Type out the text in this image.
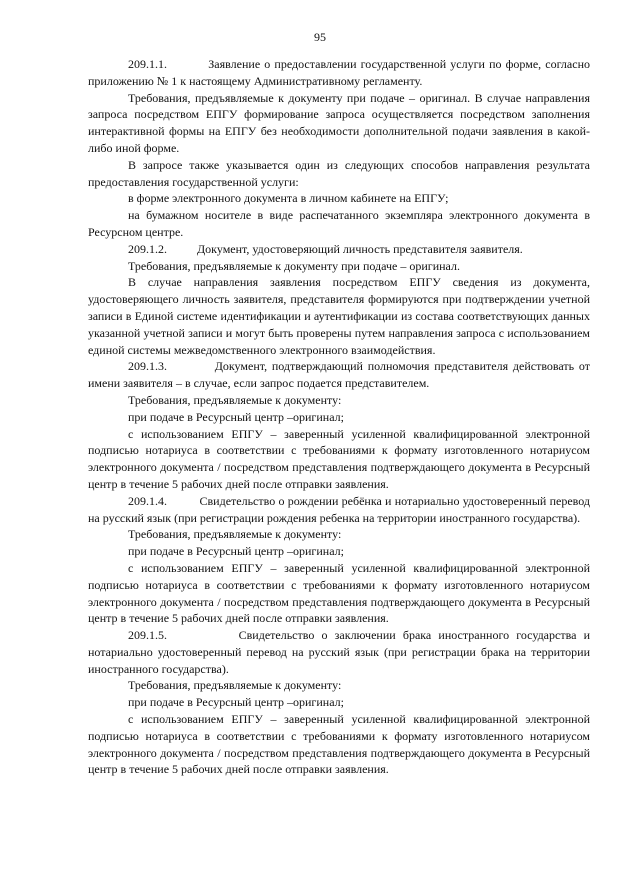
95

209.1.1.          Заявление о предоставлении государственной услуги по форме, согласно приложению № 1 к настоящему Административному регламенту.

Требования, предъявляемые к документу при подаче – оригинал. В случае направления запроса посредством ЕПГУ формирование запроса осуществляется посредством заполнения интерактивной формы на ЕПГУ без необходимости дополнительной подачи заявления в какой-либо иной форме.

В запросе также указывается один из следующих способов направления результата предоставления государственной услуги:

в форме электронного документа в личном кабинете на ЕПГУ;

на бумажном носителе в виде распечатанного экземпляра электронного документа в Ресурсном центре.

209.1.2.          Документ, удостоверяющий личность представителя заявителя.

Требования, предъявляемые к документу при подаче – оригинал.

В случае направления заявления посредством ЕПГУ сведения из документа, удостоверяющего личность заявителя, представителя формируются при подтверждении учетной записи в Единой системе идентификации и аутентификации из состава соответствующих данных указанной учетной записи и могут быть проверены путем направления запроса с использованием единой системы межведомственного электронного взаимодействия.

209.1.3.          Документ, подтверждающий полномочия представителя действовать от имени заявителя – в случае, если запрос подается представителем.

Требования, предъявляемые к документу:

при подаче в Ресурсный центр –оригинал;

с использованием ЕПГУ – заверенный усиленной квалифицированной электронной подписью нотариуса в соответствии с требованиями к формату изготовленного нотариусом электронного документа / посредством представления подтверждающего документа в Ресурсный центр в течение 5 рабочих дней после отправки заявления.

209.1.4.          Свидетельство о рождении ребёнка и нотариально удостоверенный перевод на русский язык (при регистрации рождения ребенка на территории иностранного государства).

Требования, предъявляемые к документу:

при подаче в Ресурсный центр –оригинал;

с использованием ЕПГУ – заверенный усиленной квалифицированной электронной подписью нотариуса в соответствии с требованиями к формату изготовленного нотариусом электронного документа / посредством представления подтверждающего документа в Ресурсный центр в течение 5 рабочих дней после отправки заявления.

209.1.5.          Свидетельство о заключении брака иностранного государства и нотариально удостоверенный перевод на русский язык (при регистрации брака на территории иностранного государства).

Требования, предъявляемые к документу:

при подаче в Ресурсный центр –оригинал;

с использованием ЕПГУ – заверенный усиленной квалифицированной электронной подписью нотариуса в соответствии с требованиями к формату изготовленного нотариусом электронного документа / посредством представления подтверждающего документа в Ресурсный центр в течение 5 рабочих дней после отправки заявления.
